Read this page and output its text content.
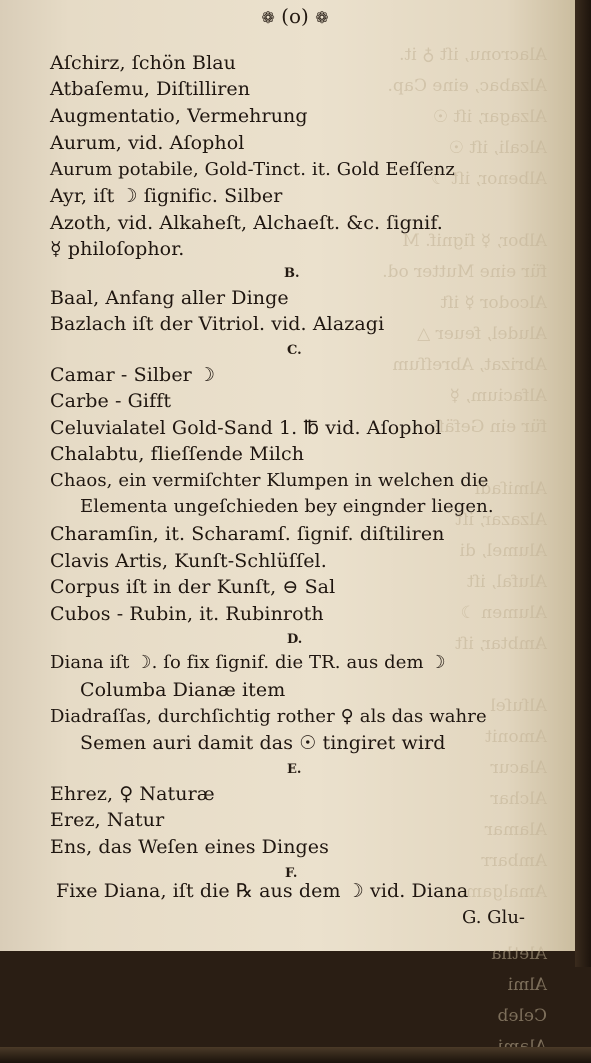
Alacronu, iſt ♁ it.
Alzabac, eine Cap.
Alzagar, iſt ☉
Alcali, iſt ☉
Albenor, iſt ☽

Albor, ☿ ſignif. M
für eine Mutter od.
Alcodor ☿ iſt
Aludel, feuer △
Abrizat, Abreſſum
Alfacium, ☿
für ein Gefäſs

Almiſadi
Alzazar, iſt
Alumel, di
Alufal, iſt
Alumen ☽
Ambtar, iſt

Alſuſel
Amonit
Alacur
Alchar
Alamar
Ambarr
Amalgama

Aletha
Almi
Celeb

❁ (o) ❁
Aſchirz, ſchön Blau
Atbaſemu, Diſtilliren
Augmentatio, Vermehrung
Aurum, vid. Aſophol
Aurum potabile, Gold-Tinct. it. Gold Eeſſenz
Ayr, iſt ☽ ſignific. Silber
Azoth, vid. Alkaheſt, Alchaeſt. &c. ſignif.
☿ philoſophor.
B.
Baal, Anfang aller Dinge
Bazlach iſt der Vitriol. vid. Alazagi
C.
Camar - Silber ☽
Carbe - Gifft
Celuvialatel Gold-Sand 1. ℔ vid. Aſophol
Chalabtu, flieſſende Milch
Chaos, ein vermiſchter Klumpen in welchen die
Elementa ungeſchieden bey eingnder liegen.
Charamſin, it. Scharamſ. ſignif. diſtiliren
Clavis Artis, Kunſt-Schlüſſel.
Corpus iſt in der Kunſt, ⊖ Sal
Cubos - Rubin, it. Rubinroth
D.
Diana iſt ☽. ſo fix ſignif. die TR. aus dem ☽
Columba Dianæ item
Diadraſſas, durchſichtig rother ♀ als das wahre
Semen auri damit das ☉ tingiret wird
E.
Ehrez, ♀ Naturæ
Erez, Natur
Ens, das Weſen eines Dinges
F.
Fixe Diana, iſt die ℞ aus dem ☽ vid. Diana
G. Glu-
